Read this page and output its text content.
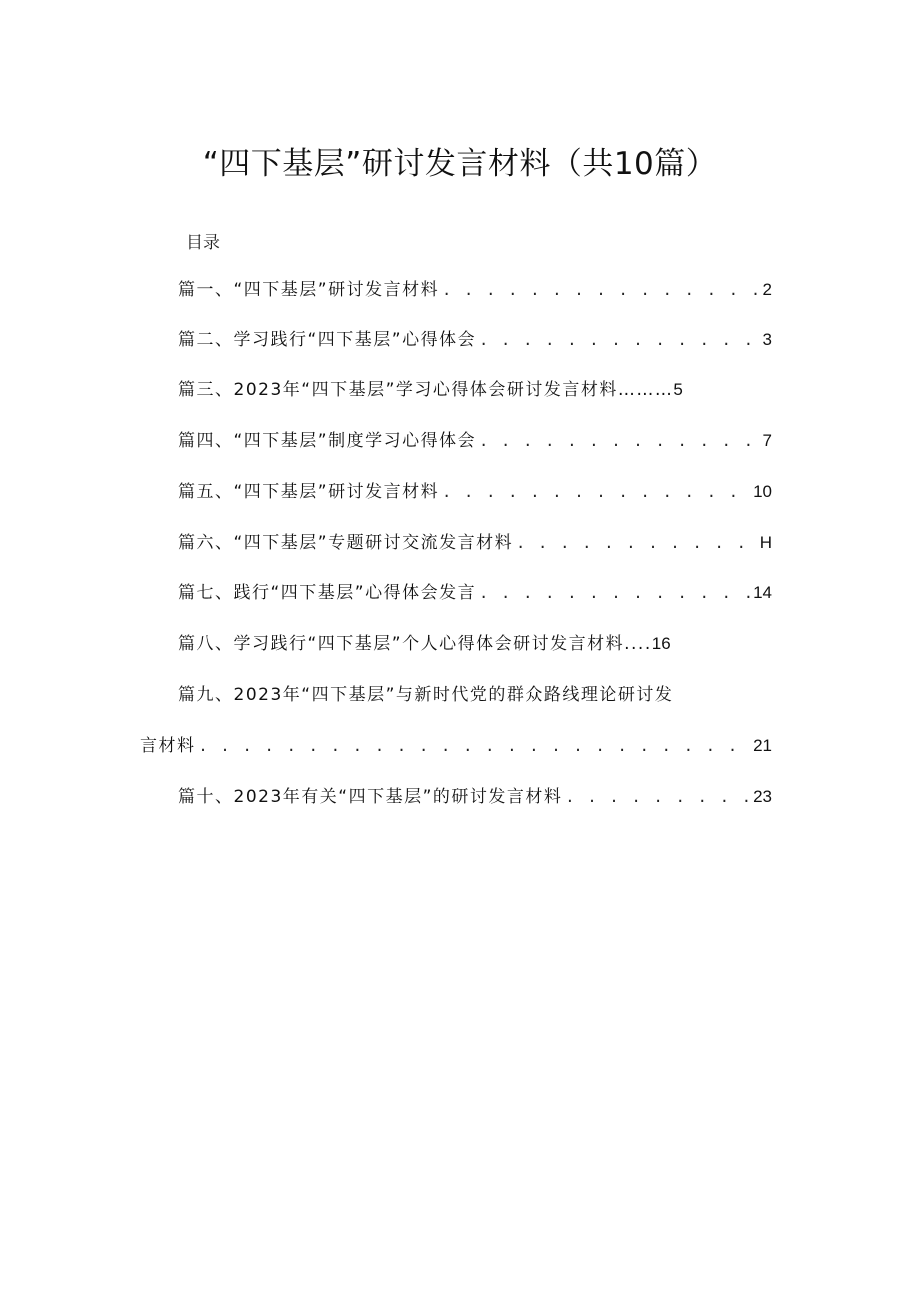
“四下基层”研讨发言材料（共10篇）
目录
篇一、“四下基层”研讨发言材料 . . .	2
篇二、学习践行“四下基层”心得体会 . . .	3
篇三、2023年“四下基层”学习心得体会研讨发言材料……… 5
篇四、“四下基层”制度学习心得体会 . . .	7
篇五、“四下基层”研讨发言材料 . . .	10
篇六、“四下基层”专题研讨交流发言材料 . . .	H
篇七、践行“四下基层”心得体会发言 . . .	14
篇八、学习践行“四下基层”个人心得体会研讨发言材料.... 16
篇九、2023年“四下基层”与新时代党的群众路线理论研讨发
言材料 . . .	21
篇十、2023年有关“四下基层”的研讨发言材料 . . .	23
